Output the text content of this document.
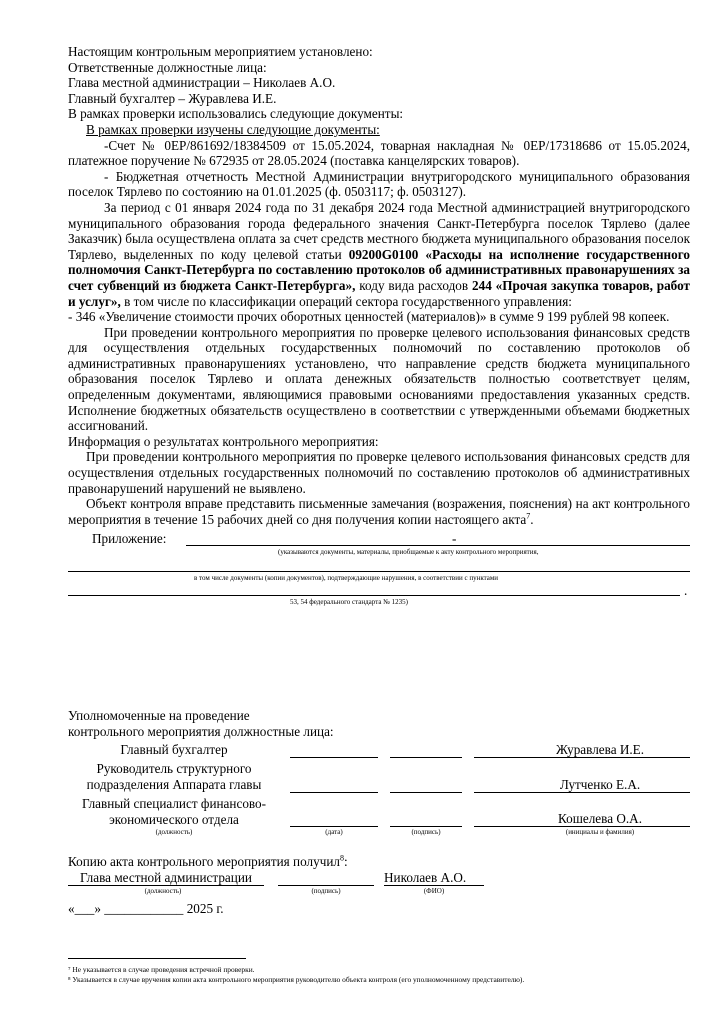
Настоящим контрольным мероприятием установлено:

Ответственные должностные лица:

Глава местной администрации – Николаев А.О.

Главный бухгалтер – Журавлева И.Е.

В рамках проверки использовались следующие документы:

В рамках проверки изучены следующие документы:

-Счет № 0ЕР/861692/18384509 от 15.05.2024, товарная накладная № 0ЕР/17318686 от 15.05.2024, платежное поручение № 672935 от 28.05.2024 (поставка канцелярских товаров).

- Бюджетная отчетность Местной Администрации внутригородского муниципального образования поселок Тярлево по состоянию на 01.01.2025 (ф. 0503117; ф. 0503127).

За период с 01 января 2024 года по 31 декабря 2024 года Местной администрацией внутригородского муниципального образования города федерального значения Санкт-Петербурга поселок Тярлево (далее Заказчик) была осуществлена оплата за счет средств местного бюджета муниципального образования поселок Тярлево, выделенных по коду целевой статьи 09200G0100 «Расходы на исполнение государственного полномочия Санкт-Петербурга по составлению протоколов об административных правонарушениях за счет субвенций из бюджета Санкт-Петербурга», коду вида расходов 244 «Прочая закупка товаров, работ и услуг», в том числе по классификации операций сектора государственного управления:

- 346 «Увеличение стоимости прочих оборотных ценностей (материалов)» в сумме 9 199 рублей 98 копеек.

При проведении контрольного мероприятия по проверке целевого использования финансовых средств для осуществления отдельных государственных полномочий по составлению протоколов об административных правонарушениях установлено, что направление средств бюджета муниципального образования поселок Тярлево и оплата денежных обязательств полностью соответствует целям, определенным документами, являющимися правовыми основаниями предоставления указанных средств. Исполнение бюджетных обязательств осуществлено в соответствии с утвержденными объемами бюджетных ассигнований.

Информация о результатах контрольного мероприятия:

При проведении контрольного мероприятия по проверке целевого использования финансовых средств для осуществления отдельных государственных полномочий по составлению протоколов об административных правонарушений нарушений не выявлено.

Объект контроля вправе представить письменные замечания (возражения, пояснения) на акт контрольного мероприятия в течение 15 рабочих дней со дня получения копии настоящего акта$^7$.

Приложение:	-
(указываются документы, материалы, приобщаемые к акту контрольного мероприятия,
в том числе документы (копии документов), подтверждающие нарушения, в соответствии с пунктами
.
53, 54 федерального стандарта № 1235)

Уполномоченные на проведение

контрольного мероприятия должностные лица:

Главный бухгалтер	Журавлева И.Е.
Руководитель структурного подразделения Аппарата главы	Лутченко Е.А.
Главный специалист финансово-экономического отдела	Кошелева О.А.
(должность)	(дата)	(подпись)	(инициалы и фамилия)

Копию акта контрольного мероприятия получил$^8$:

Глава местной администрации	Николаев А.О.
(должность)	(подпись)	(ФИО)

«___» ____________ 2025 г.

⁷ Не указывается в случае проведения встречной проверки.

⁸ Указывается в случае вручения копии акта контрольного мероприятия руководителю объекта контроля (его уполномоченному представителю).
